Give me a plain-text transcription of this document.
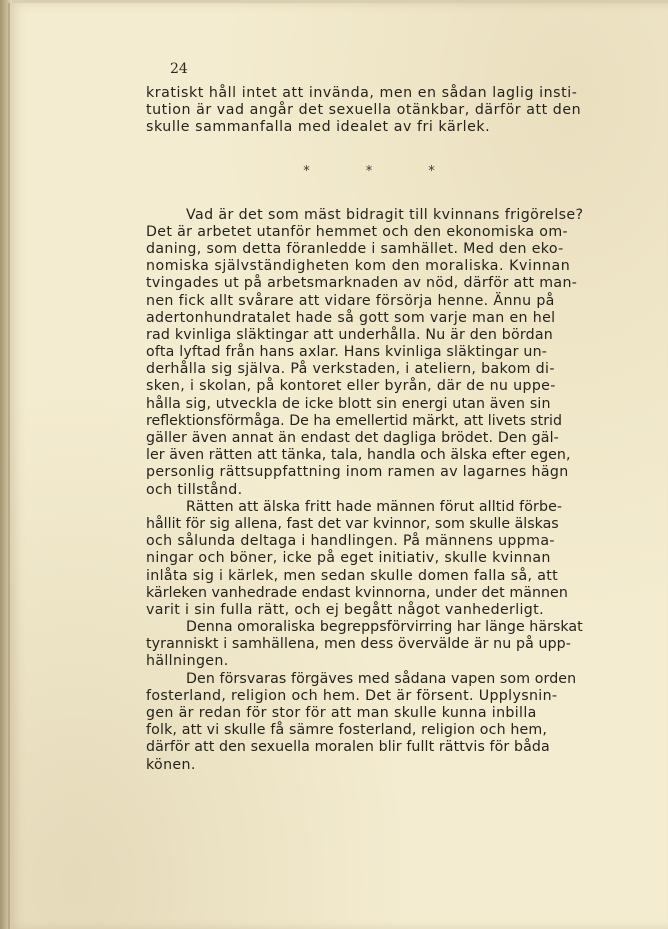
24

kratiskt håll intet att invända, men en sådan laglig insti-
tution är vad angår det sexuella otänkbar, därför att den
skulle sammanfalla med idealet av fri kärlek.
*	*	*
Vad är det som mäst bidragit till kvinnans frigörelse?
Det är arbetet utanför hemmet och den ekonomiska om-
daning, som detta föranledde i samhället. Med den eko-
nomiska självständigheten kom den moraliska. Kvinnan
tvingades ut på arbetsmarknaden av nöd, därför att man-
nen fick allt svårare att vidare försörja henne. Ännu på
adertonhundratalet hade så gott som varje man en hel
rad kvinliga släktingar att underhålla. Nu är den bördan
ofta lyftad från hans axlar. Hans kvinliga släktingar un-
derhålla sig själva. På verkstaden, i ateliern, bakom di-
sken, i skolan, på kontoret eller byrån, där de nu uppe-
hålla sig, utveckla de icke blott sin energi utan även sin
reflektionsförmåga. De ha emellertid märkt, att livets strid
gäller även annat än endast det dagliga brödet. Den gäl-
ler även rätten att tänka, tala, handla och älska efter egen,
personlig rättsuppfattning inom ramen av lagarnes hägn
och tillstånd.
Rätten att älska fritt hade männen förut alltid förbe-
hållit för sig allena, fast det var kvinnor, som skulle älskas
och sålunda deltaga i handlingen. På männens uppma-
ningar och böner, icke på eget initiativ, skulle kvinnan
inlåta sig i kärlek, men sedan skulle domen falla så, att
kärleken vanhedrade endast kvinnorna, under det männen
varit i sin fulla rätt, och ej begått något vanhederligt.
Denna omoraliska begreppsförvirring har länge härskat
tyranniskt i samhällena, men dess övervälde är nu på upp-
hällningen.
Den försvaras förgäves med sådana vapen som orden
fosterland, religion och hem. Det är försent. Upplysnin-
gen är redan för stor för att man skulle kunna inbilla
folk, att vi skulle få sämre fosterland, religion och hem,
därför att den sexuella moralen blir fullt rättvis för båda
könen.
